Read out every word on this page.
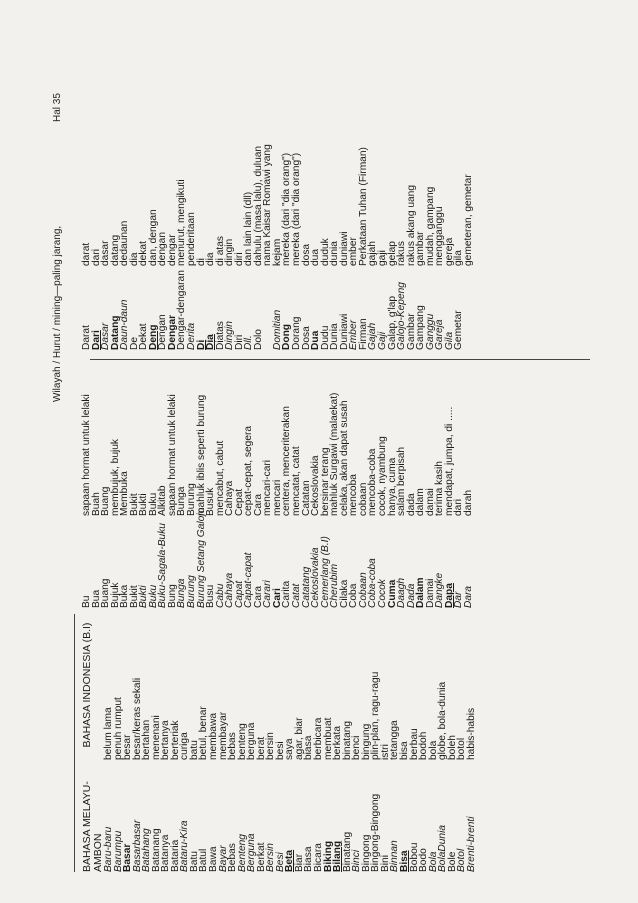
Wilayah / Hurut / mining—paling jarang,
Hal 35
BAHASA MELAYU-AMBON
BAHASA INDONESIA (B.I)
Baru-baru
belum lama
Barumpu
penuh rumput
Basar
besar
Basarbasar
besar/keras sekali
Batahang
bertahan
Batanang
menenani
Batanya
bertanya
Bataria
berteriak
Bataru-Kira
curiga
Batu
batu
Batul
betul, benar
Bawa
membawa
Bayar
membayar
Bebas
bebas
Benteng
benteng
Berguna
berguna
Berkat
berat
Bersin
bersin
Besi
besi
Beta
saya
Biar
agar, biar
Biasa
biasa
Bicara
berbicara
Biking
membuat
Bilang
berkata
Binatang
binatang
Binci
benci
Bingong
bingung
Bingong-Bingong
plin-plan, ragu-ragu
Bini
istri
Binnan
tetangga
Bisa
bisa
Bobou
berbau
Bodo
bodoh
Bola
bola
BolaDunia
globe, bola-dunia
Bole
boleh
Botol
botol
Brenti-brenti
habis-habis
Bu
sapaan hormat untuk lelaki
Bua
Buah
Buang
Buang
Bujuk
membujuk, bujuk
Buka
Membuka
Bukit
Bukit
Bukti
Bukti
Buku
Buku
Buku-Sagala-Buku
Alkitab
Bung
sapaan hormat untuk lelaki
Bunga
Bunga
Burung
Burung
Burung Setang Galojo
mahluk iblis seperti burung
Busu
Busuk
Cabu
mencabut, cabut
Cahaya
Cahaya
Capat
Cepat
Capat-capat
cepat-cepat, segera
Cara
Cara
Carari
mencari-cari
Cari
mencari
Carita
centera, menceriterakan
Catat
mencatat, catat
Catatang
Catatan
Cekoslovakia
Cekoslovakia
Cemerlang (B.I)
bersinar terang
Cherubim
mahluk Surgawi (malaekat)
Cilaka
celaka, akan dapat susah
Coba
mencoba
Cobaan
cobaan
Coba-coba
mencoba-coba
Cocok
cocok, nyambung
Cuma
hanya, cuma
Daagh
salam berpisah
Dada
dada
Dalam
dalam
Damai
damai
Dangke
terima kasih
Dapa
mendapat, jumpa, di .....
Dar
dari
Dara
darah
Darat
darat
Dari
dari
Dasar
dasar
Datang
datang
Daun-daun
dedaunan
De
dia
Dekat
dekat
Deng
dan, dengan
Dengan
dengan
Dengar
dengar
Dengar-dengaran
menurut, mengikuti
Derita
penderitaan
Di
di
Dia
dia
Diatas
di atas
Dingin
dingin
Diri
diri
Dll.
dan lain lain (dll)
Dolo
dahulu (masa lalu), duluan
nama Kaisar Romawi yang
Domitian
kejam
Dong
mereka (dari "dia orang")
Dorang
mereka (dari "dia orang")
Dosa
dosa
Dua
dua
Dudu
duduk
Dunia
dunia
Duniawi
duniawi
Ember
ember
Firman
Perkataan Tuhan (Firman)
Gajah
gajah
Gaji
gaji
Galap, g'lap
gelap
Galojo-Kepeng
rakus
Gambar
rakus akang uang
Gampang
gambar
Ganggu
mudah, gampang
Gareja
mengganggu
Gila
gereja
Gemetar
gila
gemeteran, gemetar
